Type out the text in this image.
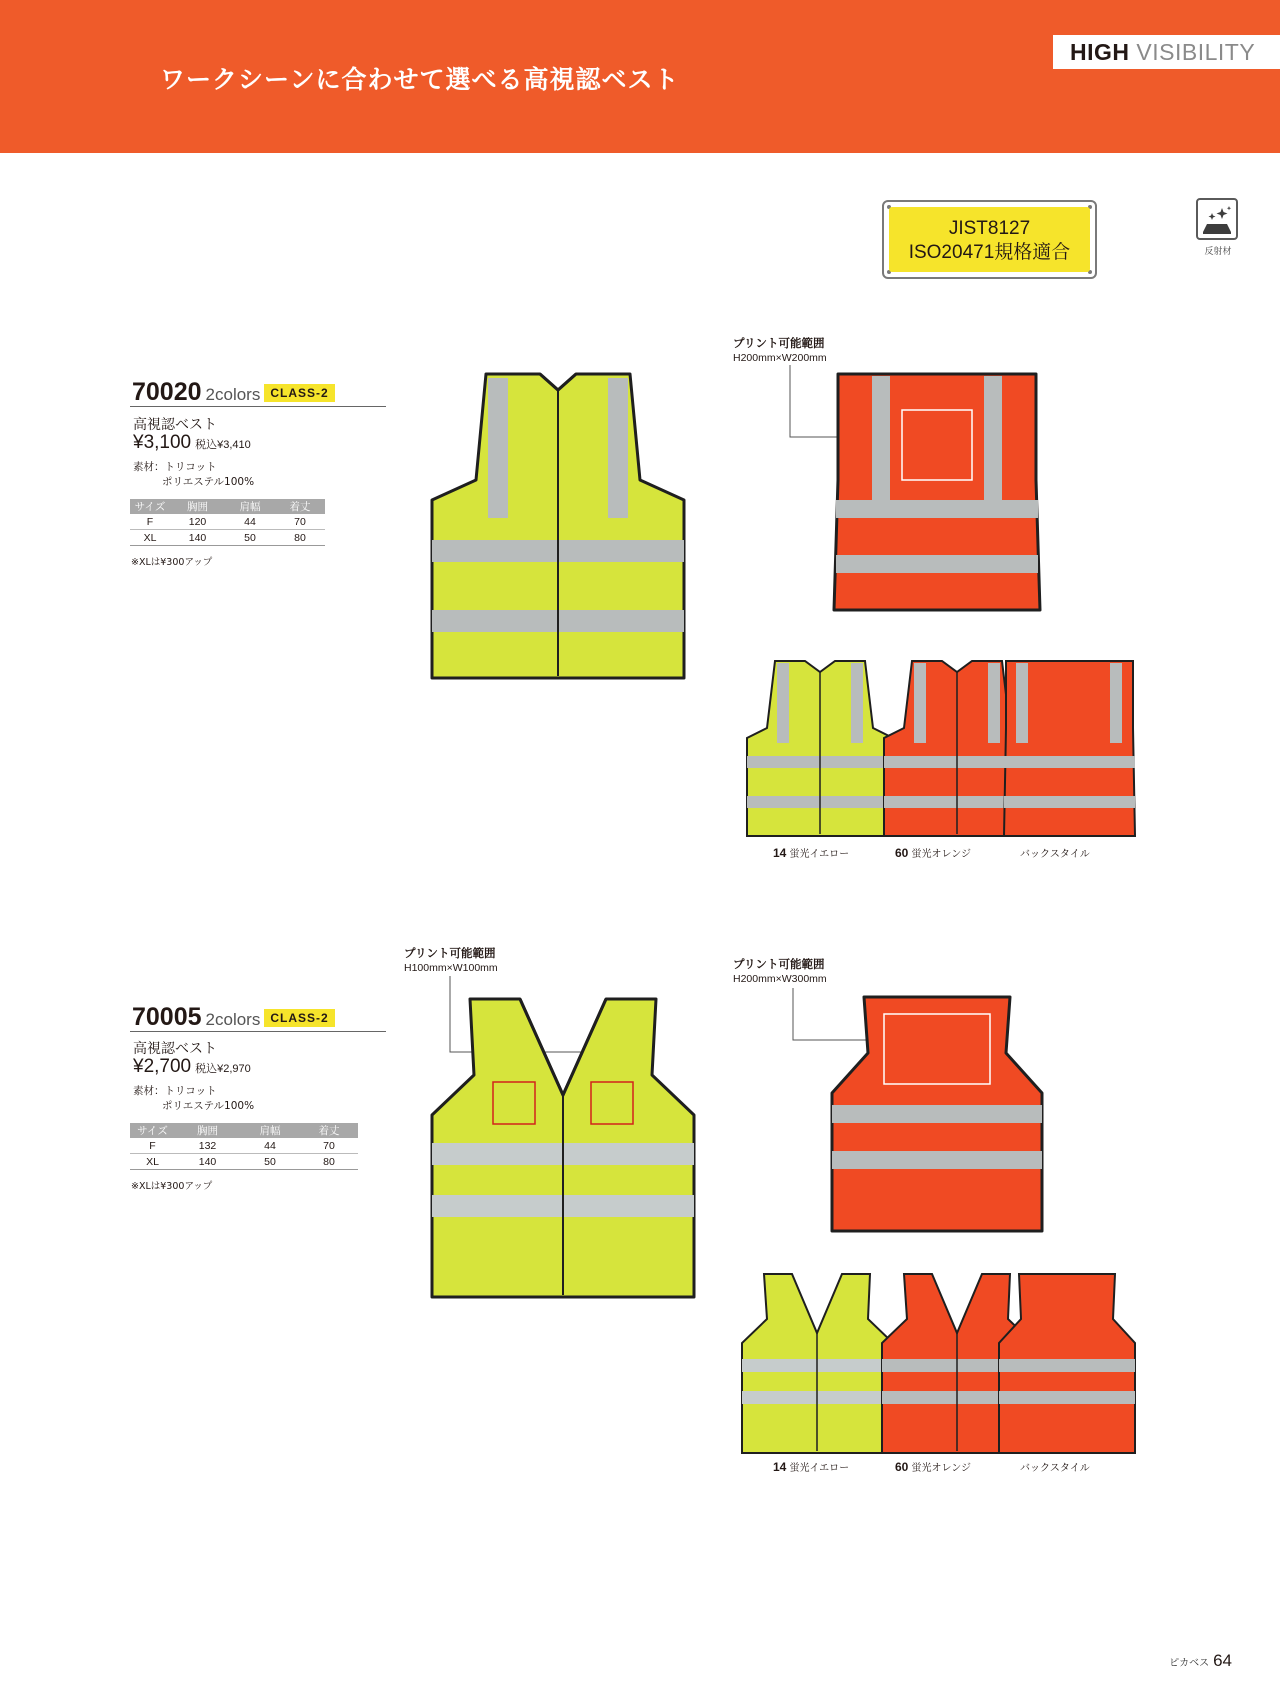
ワークシーンに合わせて選べる高視認ベスト
HIGH VISIBILITY
JIST8127
ISO20471規格適合	反射材
70020 2colors CLASS-2
高視認ベスト
¥3,100 税込¥3,410
素材：トリコット
ポリエステル100%
サイズ	胸囲	肩幅	着丈
F	120	44	70
XL	140	50	80
※XLは¥300アップ
プリント可能範囲
H200mm×W200mm
14 蛍光イエロー	60 蛍光オレンジ	バックスタイル
70005 2colors CLASS-2
高視認ベスト
¥2,700 税込¥2,970
素材：トリコット
ポリエステル100%
サイズ	胸囲	肩幅	着丈
F	132	44	70
XL	140	50	80
※XLは¥300アップ
プリント可能範囲
H100mm×W100mm	プリント可能範囲
H200mm×W300mm
14 蛍光イエロー	60 蛍光オレンジ	バックスタイル
ピカベス 64
